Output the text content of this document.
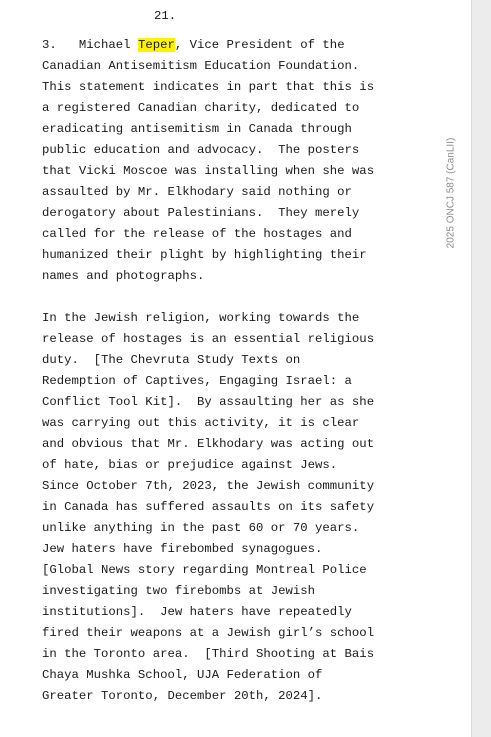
21.
3.   Michael Teper, Vice President of the
Canadian Antisemitism Education Foundation.
This statement indicates in part that this is
a registered Canadian charity, dedicated to
eradicating antisemitism in Canada through
public education and advocacy.  The posters
that Vicki Moscoe was installing when she was
assaulted by Mr. Elkhodary said nothing or
derogatory about Palestinians.  They merely
called for the release of the hostages and
humanized their plight by highlighting their
names and photographs.
In the Jewish religion, working towards the
release of hostages is an essential religious
duty.  [The Chevruta Study Texts on
Redemption of Captives, Engaging Israel: a
Conflict Tool Kit].  By assaulting her as she
was carrying out this activity, it is clear
and obvious that Mr. Elkhodary was acting out
of hate, bias or prejudice against Jews.
Since October 7th, 2023, the Jewish community
in Canada has suffered assaults on its safety
unlike anything in the past 60 or 70 years.
Jew haters have firebombed synagogues.
[Global News story regarding Montreal Police
investigating two firebombs at Jewish
institutions].  Jew haters have repeatedly
fired their weapons at a Jewish girl’s school
in the Toronto area.  [Third Shooting at Bais
Chaya Mushka School, UJA Federation of
Greater Toronto, December 20th, 2024].
2025 ONCJ 587 (CanLII)
